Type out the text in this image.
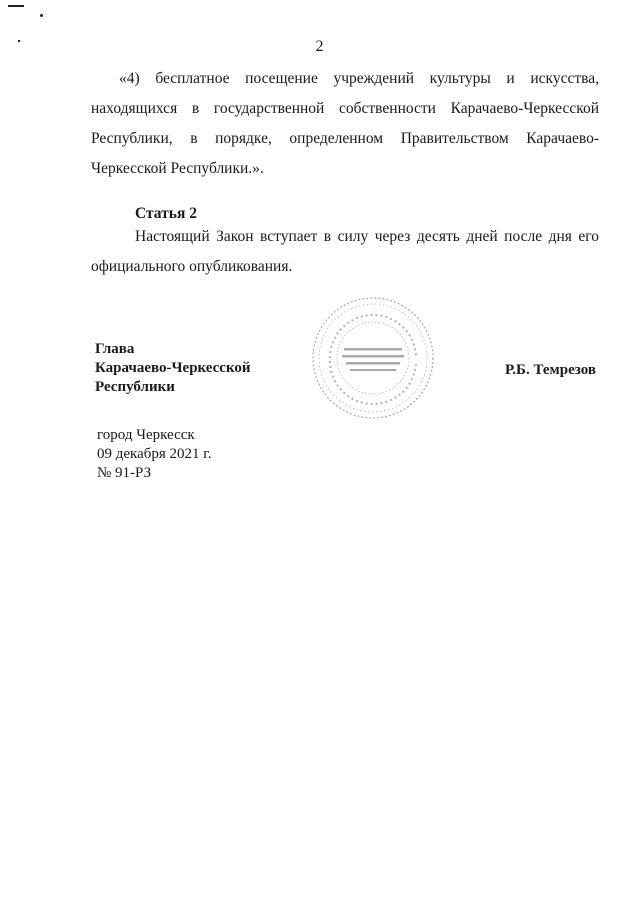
2
«4) бесплатное посещение учреждений культуры и искусства, находящихся в государственной собственности Карачаево-Черкесской Республики, в порядке, определенном Правительством Карачаево-Черкесской Республики.».
Статья 2
Настоящий Закон вступает в силу через десять дней после дня его официального опубликования.
Глава
Карачаево-Черкесской
Республики
Р.Б. Темрезов
город Черкесск
09 декабря 2021 г.
№ 91-РЗ
